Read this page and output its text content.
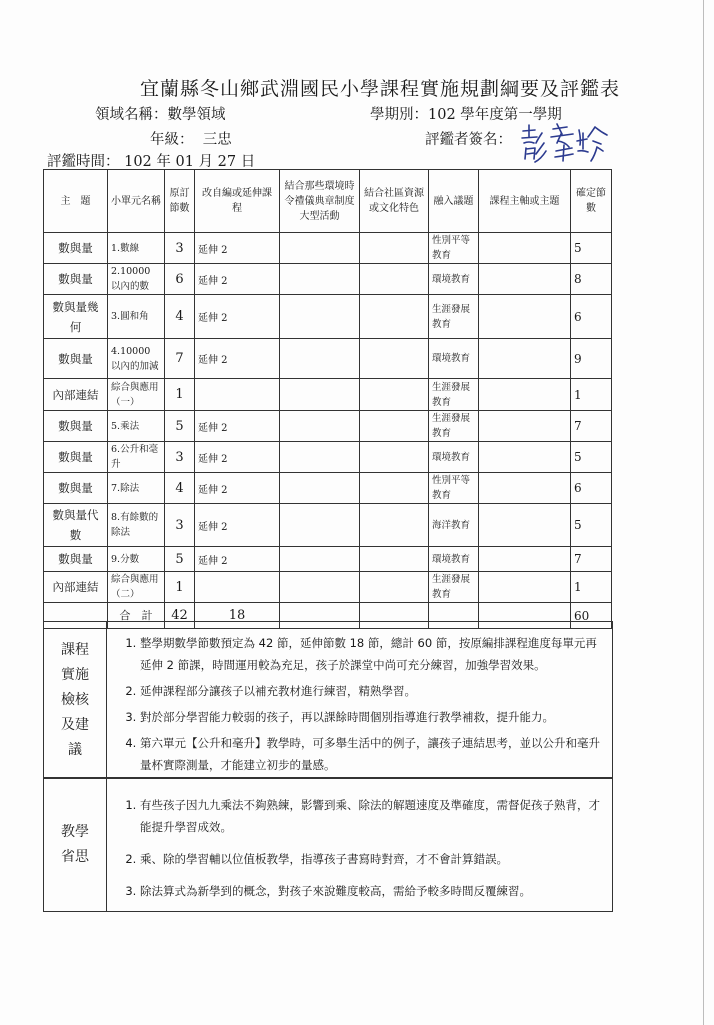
宜蘭縣冬山鄉武淵國民小學課程實施規劃綱要及評鑑表
領域名稱：數學領域	學期別：102 學年度第一學期
年級： 三忠	評鑑者簽名：
評鑑時間： 102 年 01 月 27 日
主　題	小單元名稱	原訂節數	改自編或延伸課程	結合那些環境時令禮儀典章制度大型活動	結合社區資源或文化特色	融入議題	課程主軸或主題	確定節數
數與量	1.數線	3	延伸 2			性別平等教育		5
數與量	2.10000 以內的數	6	延伸 2			環境教育		8
數與量幾何	3.圓和角	4	延伸 2			生涯發展教育		6
數與量	4.10000 以內的加減	7	延伸 2			環境教育		9
內部連結	綜合與應用（一）	1				生涯發展教育		1
數與量	5.乘法	5	延伸 2			生涯發展教育		7
數與量	6.公升和毫升	3	延伸 2			環境教育		5
數與量	7.除法	4	延伸 2			性別平等教育		6
數與量代數	8.有餘數的除法	3	延伸 2			海洋教育		5
數與量	9.分數	5	延伸 2			環境教育		7
內部連結	綜合與應用（二）	1				生涯發展教育		1
	合　計	42	18					60
課程實施檢核及建議
1. 整學期數學節數預定為 42 節，延伸節數 18 節，總計 60 節，按原編排課程進度每單元再延伸 2 節課，時間運用較為充足，孩子於課堂中尚可充分練習，加強學習效果。
2. 延伸課程部分讓孩子以補充教材進行練習，精熟學習。
3. 對於部分學習能力較弱的孩子，再以課餘時間個別指導進行教學補救，提升能力。
4. 第六單元【公升和毫升】教學時，可多舉生活中的例子，讓孩子連結思考，並以公升和毫升量杯實際測量，才能建立初步的量感。
教學省思
1. 有些孩子因九九乘法不夠熟練，影響到乘、除法的解題速度及準確度，需督促孩子熟背，才能提升學習成效。
2. 乘、除的學習輔以位值板教學，指導孩子書寫時對齊，才不會計算錯誤。
3. 除法算式為新學到的概念，對孩子來說難度較高，需給予較多時間反覆練習。
